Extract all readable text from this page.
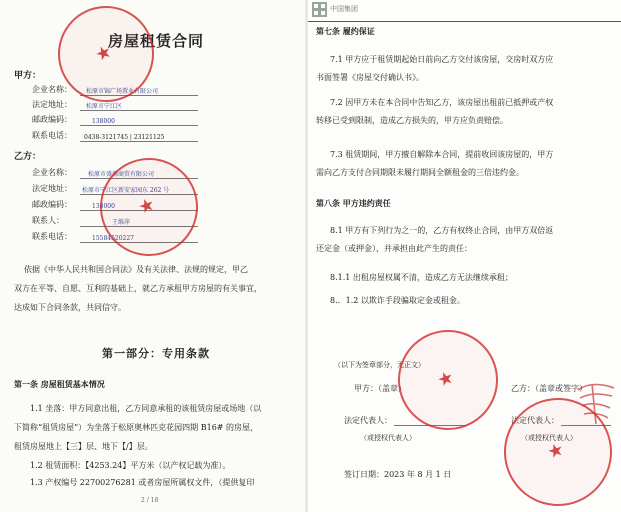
房屋租赁合同
甲方：
企业名称： 松原市锦广场置业有限公司
法定地址： 松原市宁江区
邮政编码：	138000
联系电话： 0438-3121745 | 23121125
乙方：
企业名称：	松原市盛源商贸有限公司
法定地址： 松原市宁江区新安家园东 262 号
邮政编码：	138000
联系人：	王维萍
联系电话：	15584520227
★
★
依据《中华人民共和国合同法》及有关法律、法规的规定，甲乙
双方在平等、自愿、互利的基础上，就乙方承租甲方房屋的有关事宜，
达成如下合同条款，共同信守。
第一部分：专用条款
第一条 房屋租赁基本情况
1.1 坐落：甲方同意出租，乙方同意承租的该租赁房屋或场地（以
下简称“租赁房屋”）为坐落于松原奥林匹克花园四期 B16# 的房屋，
租赁房屋地上【三】层、地下【/】层。
1.2 租赁面积：【4253.24】平方米（以产权记载为准）。
1.3 产权编号 22700276281 或者房屋所属权文件，（提供复印
2 / 18
中国集团
第七条 履约保证
7.1 甲方应于租赁期起始日前向乙方交付该房屋，交房时双方应
书面签署《房屋交付确认书》。
7.2 因甲方未在本合同中告知乙方，该房屋出租前已抵押或产权
转移已受到限制，造成乙方损失的，甲方应负责赔偿。
7.3 租赁期间，甲方擅自解除本合同，提前收回该房屋的，甲方
需向乙方支付合同期限未履行期间全额租金的三倍违约金。
第八条 甲方违约责任
8.1 甲方有下列行为之一的，乙方有权终止合同，由甲方双倍返
还定金（或押金），并承担由此产生的责任：
8.1.1 出租房屋权属不清，造成乙方无法继续承租；
8.．1.2 以欺诈手段骗取定金或租金。
（以下为签章部分，无正文）
甲方：（盖章）	乙方：（盖章或签字）
法定代表人：
（或授权代表人）
法定代表人：
（或授权代表人）
签订日期：2023 年 8 月 1 日
★
★
